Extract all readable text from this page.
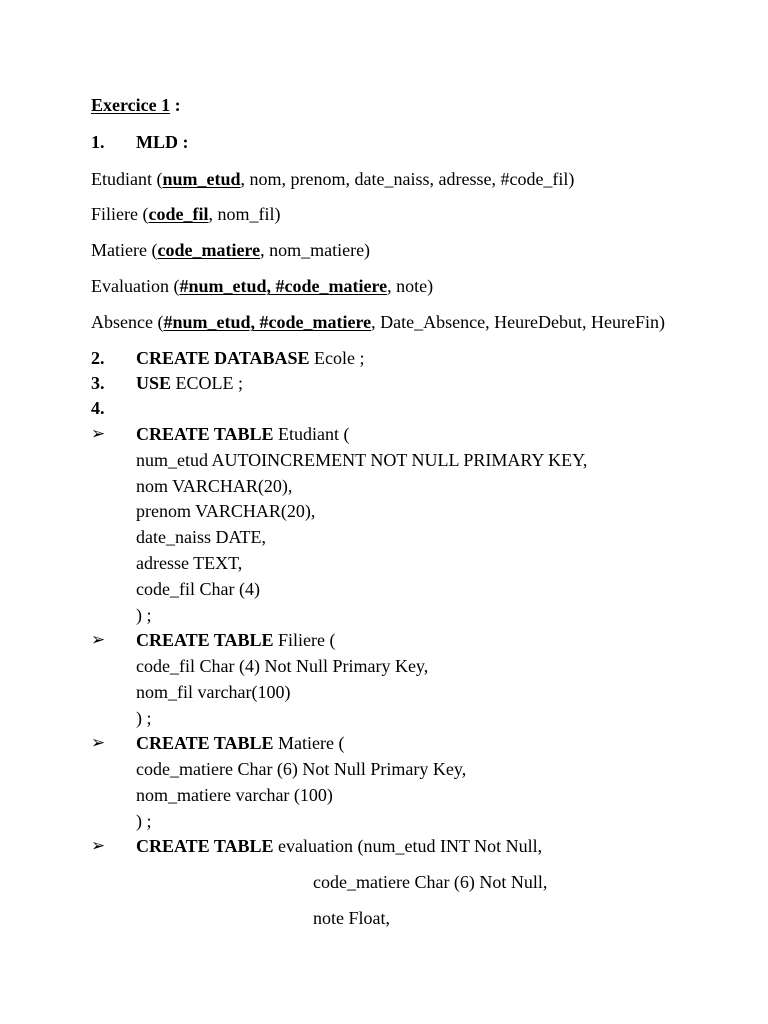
Exercice 1 :
1. MLD :
Etudiant (num_etud, nom, prenom, date_naiss, adresse, #code_fil)
Filiere (code_fil, nom_fil)
Matiere (code_matiere, nom_matiere)
Evaluation (#num_etud, #code_matiere, note)
Absence (#num_etud, #code_matiere, Date_Absence, HeureDebut, HeureFin)
2. CREATE DATABASE Ecole ;
3. USE ECOLE ;
4.
➢ CREATE TABLE Etudiant (
num_etud AUTOINCREMENT NOT NULL PRIMARY KEY,
nom VARCHAR(20),
prenom VARCHAR(20),
date_naiss DATE,
adresse TEXT,
code_fil Char (4)
) ;
➢ CREATE TABLE Filiere (
code_fil Char (4) Not Null Primary Key,
nom_fil varchar(100)
) ;
➢ CREATE TABLE Matiere (
code_matiere Char (6) Not Null Primary Key,
nom_matiere varchar (100)
) ;
➢ CREATE TABLE evaluation (num_etud INT Not Null,
code_matiere Char (6) Not Null,
note Float,
